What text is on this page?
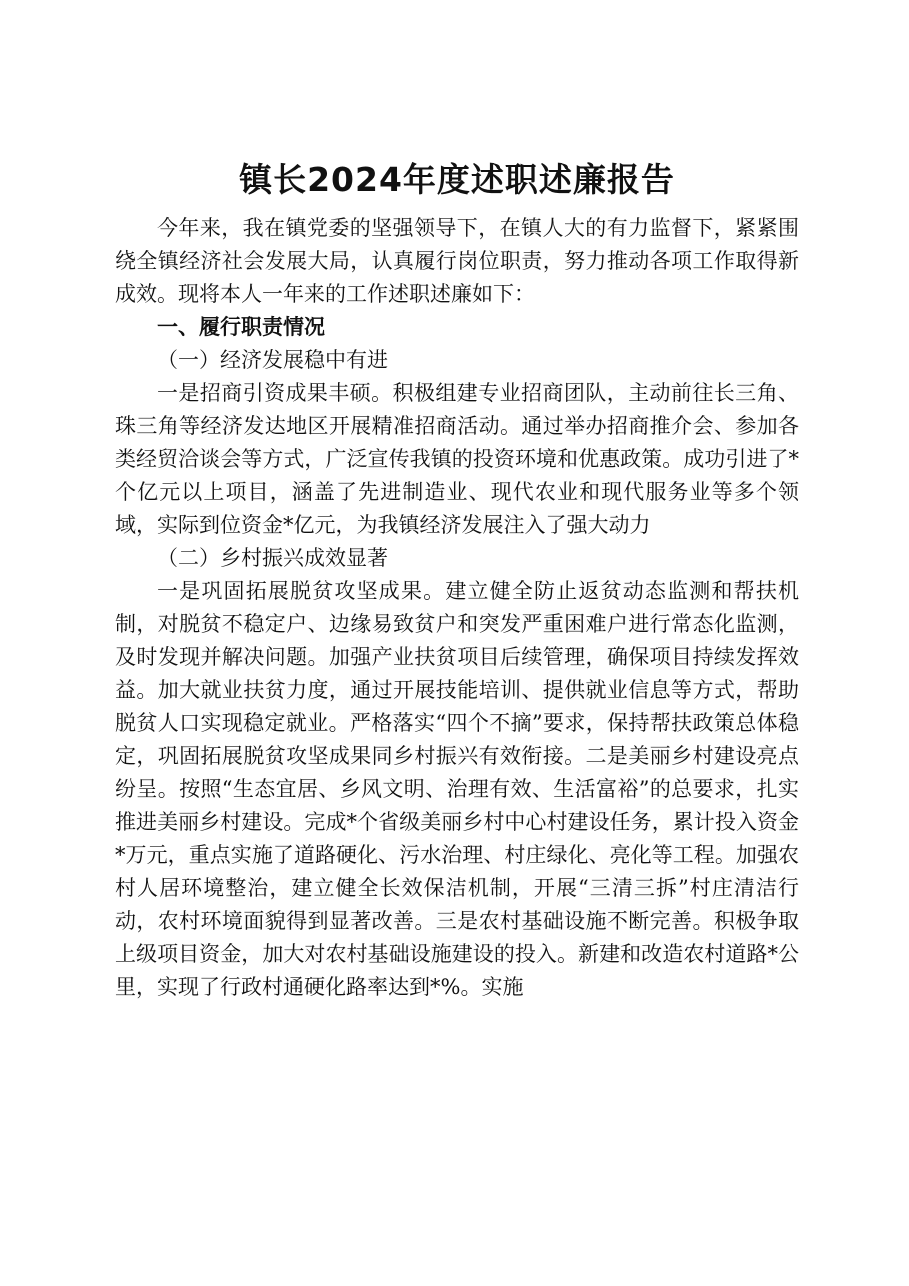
镇长2024年度述职述廉报告

今年来，我在镇党委的坚强领导下，在镇人大的有力监督下，紧紧围绕全镇经济社会发展大局，认真履行岗位职责，努力推动各项工作取得新成效。现将本人一年来的工作述职述廉如下：

一、履行职责情况

（一）经济发展稳中有进

一是招商引资成果丰硕。积极组建专业招商团队，主动前往长三角、珠三角等经济发达地区开展精准招商活动。通过举办招商推介会、参加各类经贸洽谈会等方式，广泛宣传我镇的投资环境和优惠政策。成功引进了*个亿元以上项目，涵盖了先进制造业、现代农业和现代服务业等多个领域，实际到位资金*亿元，为我镇经济发展注入了强大动力

（二）乡村振兴成效显著

一是巩固拓展脱贫攻坚成果。建立健全防止返贫动态监测和帮扶机制，对脱贫不稳定户、边缘易致贫户和突发严重困难户进行常态化监测，及时发现并解决问题。加强产业扶贫项目后续管理，确保项目持续发挥效益。加大就业扶贫力度，通过开展技能培训、提供就业信息等方式，帮助脱贫人口实现稳定就业。严格落实“四个不摘”要求，保持帮扶政策总体稳定，巩固拓展脱贫攻坚成果同乡村振兴有效衔接。二是美丽乡村建设亮点纷呈。按照“生态宜居、乡风文明、治理有效、生活富裕”的总要求，扎实推进美丽乡村建设。完成*个省级美丽乡村中心村建设任务，累计投入资金*万元，重点实施了道路硬化、污水治理、村庄绿化、亮化等工程。加强农村人居环境整治，建立健全长效保洁机制，开展“三清三拆”村庄清洁行动，农村环境面貌得到显著改善。三是农村基础设施不断完善。积极争取上级项目资金，加大对农村基础设施建设的投入。新建和改造农村道路*公里，实现了行政村通硬化路率达到*%。实施
